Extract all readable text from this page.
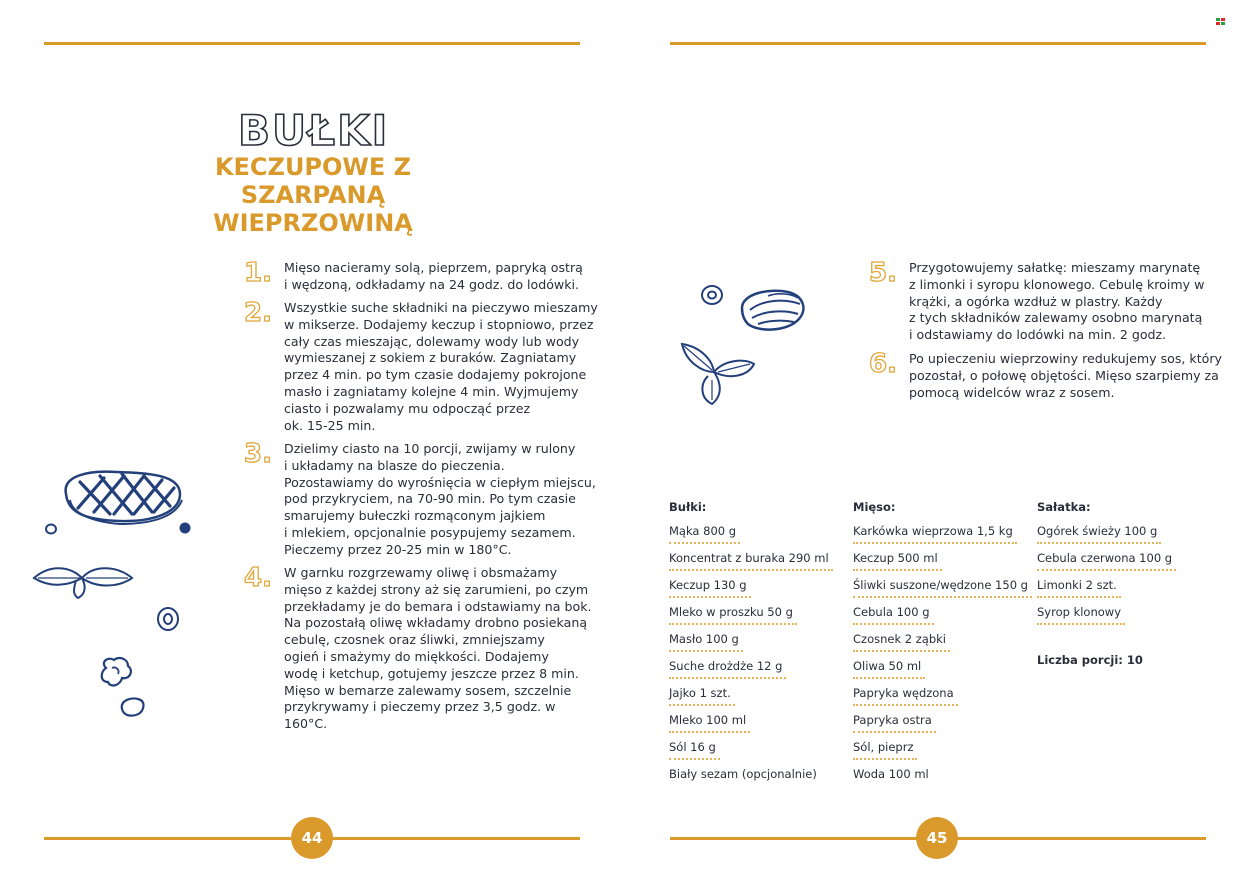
44	45
BUŁKI
KECZUPOWE Z SZARPANĄ WIEPRZOWINĄ
1. Mięso nacieramy solą, pieprzem, papryką ostrą
i wędzoną, odkładamy na 24 godz. do lodówki.
2. Wszystkie suche składniki na pieczywo mieszamy
w mikserze. Dodajemy keczup i stopniowo, przez
cały czas mieszając, dolewamy wody lub wody
wymieszanej z sokiem z buraków. Zagniatamy
przez 4 min. po tym czasie dodajemy pokrojone
masło i zagniatamy kolejne 4 min. Wyjmujemy
ciasto i pozwalamy mu odpocząć przez
ok. 15-25 min.
3. Dzielimy ciasto na 10 porcji, zwijamy w rulony
i układamy na blasze do pieczenia.
Pozostawiamy do wyrośnięcia w ciepłym miejscu,
pod przykryciem, na 70-90 min. Po tym czasie
smarujemy bułeczki rozmąconym jajkiem
i mlekiem, opcjonalnie posypujemy sezamem.
Pieczemy przez 20-25 min w 180°C.
4. W garnku rozgrzewamy oliwę i obsmażamy
mięso z każdej strony aż się zarumieni, po czym
przekładamy je do bemara i odstawiamy na bok.
Na pozostałą oliwę wkładamy drobno posiekaną
cebulę, czosnek oraz śliwki, zmniejszamy
ogień i smażymy do miękkości. Dodajemy
wodę i ketchup, gotujemy jeszcze przez 8 min.
Mięso w bemarze zalewamy sosem, szczelnie
przykrywamy i pieczemy przez 3,5 godz. w
160°C.
5. Przygotowujemy sałatkę: mieszamy marynatę
z limonki i syropu klonowego. Cebulę kroimy w
krążki, a ogórka wzdłuż w plastry. Każdy
z tych składników zalewamy osobno marynatą
i odstawiamy do lodówki na min. 2 godz.
6. Po upieczeniu wieprzowiny redukujemy sos, który
pozostał, o połowę objętości. Mięso szarpiemy za
pomocą widelców wraz z sosem.
Bułki:
Mąka 800 g
Koncentrat z buraka 290 ml
Keczup 130 g
Mleko w proszku 50 g
Masło 100 g
Suche drożdże 12 g
Jajko 1 szt.
Mleko 100 ml
Sól 16 g
Biały sezam (opcjonalnie)
Mięso:
Karkówka wieprzowa 1,5 kg
Keczup 500 ml
Śliwki suszone/wędzone 150 g
Cebula 100 g
Czosnek 2 ząbki
Oliwa 50 ml
Papryka wędzona
Papryka ostra
Sól, pieprz
Woda 100 ml
Sałatka:
Ogórek świeży 100 g
Cebula czerwona 100 g
Limonki 2 szt.
Syrop klonowy
Liczba porcji: 10
